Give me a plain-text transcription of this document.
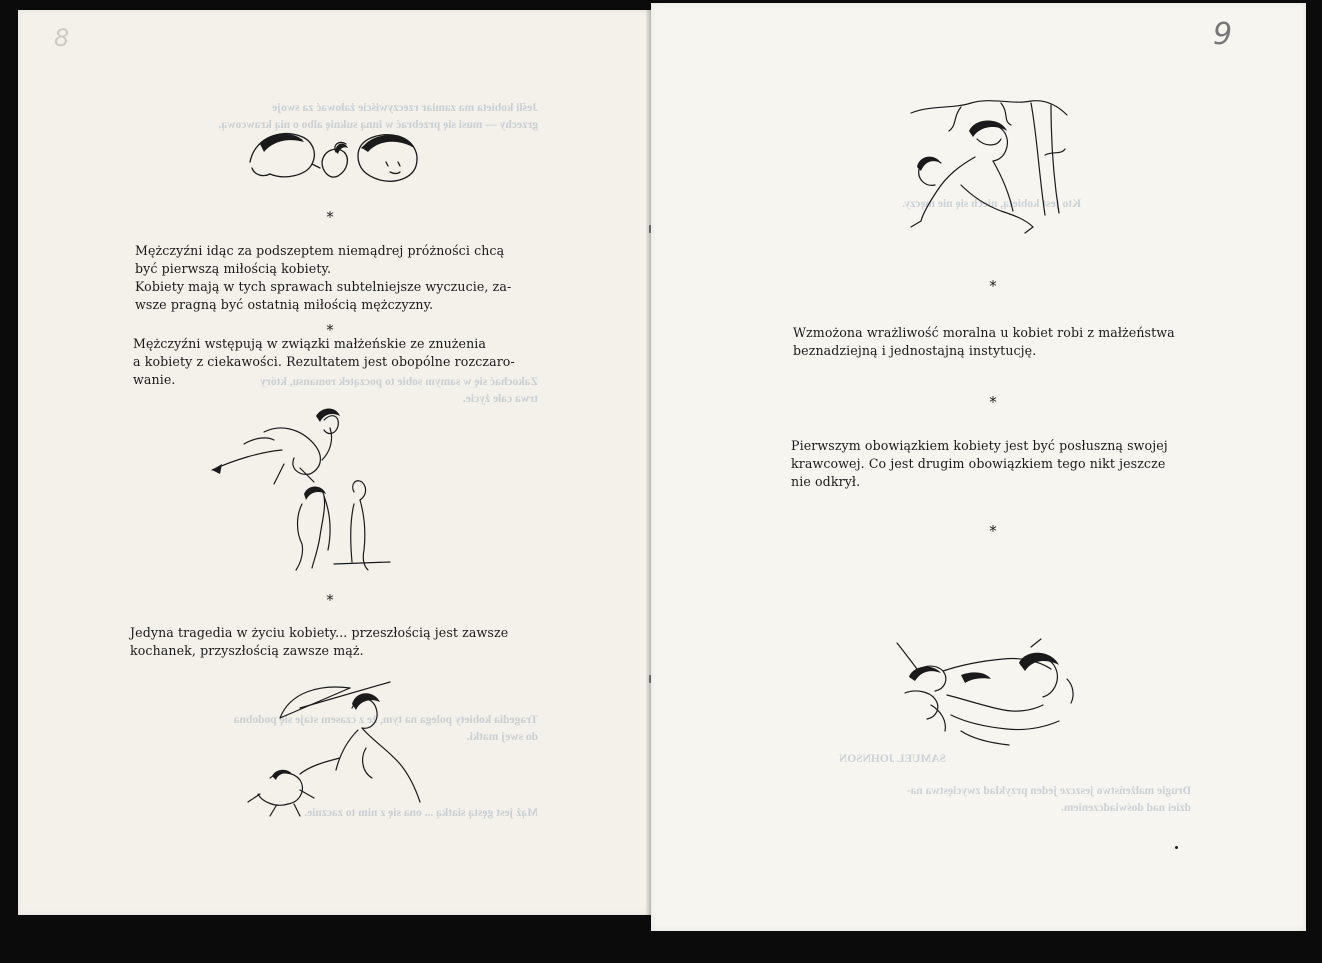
8
Jeśli kobieta ma zamiar rzeczywiście żałować za swoje
grzechy — musi się przebrać w inną suknię albo o nią krawcową.
Zakochać się w samym sobie to początek romansu, który
trwa całe życie.
Tragedia kobiety polega na tym, że z czasem staje się podobna
do swej matki.
Mąż jest gęstą siatką ... ona się z nim to zacznie.
*
Mężczyźni idąc za podszeptem niemądrej próżności chcą
być pierwszą miłością kobiety.
Kobiety mają w tych sprawach subtelniejsze wyczucie, za-
wsze pragną być ostatnią miłością mężczyzny.
*
Mężczyźni wstępują w związki małżeńskie ze znużenia
a kobiety z ciekawości. Rezultatem jest obopólne rozczaro-
wanie.
*
Jedyna tragedia w życiu kobiety... przeszłością jest zawsze
kochanek, przyszłością zawsze mąż.
9
Kto jest kobietą, niech się nie męczy.
SAMUEL JOHNSON
Drugie małżeństwo jeszcze jeden przykład zwycięstwa na-
dziei nad doświadczeniem.
*
Wzmożona wrażliwość moralna u kobiet robi z małżeństwa
beznadziejną i jednostajną instytucję.
*
Pierwszym obowiązkiem kobiety jest być posłuszną swojej
krawcowej. Co jest drugim obowiązkiem tego nikt jeszcze
nie odkrył.
*
